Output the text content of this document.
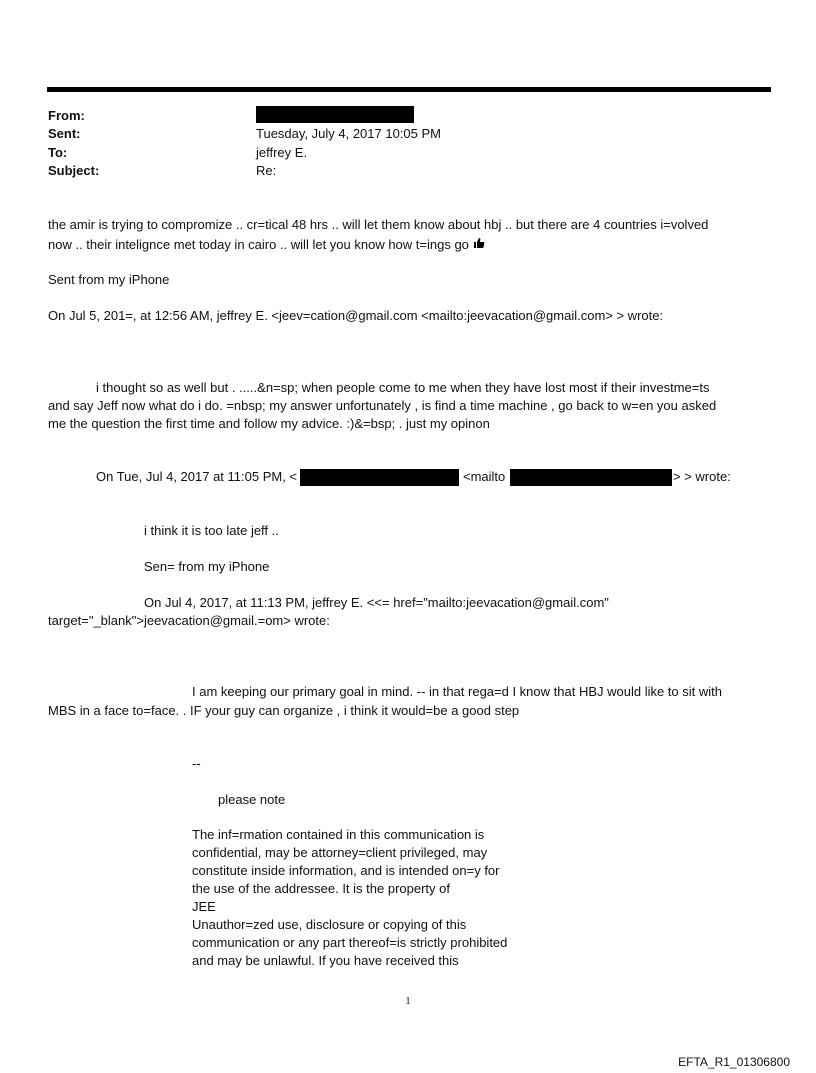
From:
Sent:	Tuesday, July 4, 2017 10:05 PM
To:	jeffrey E.
Subject:	Re:
the amir is trying to compromize .. cr=tical 48 hrs .. will let them know about hbj .. but there are 4 countries i=volved
now .. their intelignce met today in cairo .. will let you know how t=ings go
Sent from my iPhone
On Jul 5, 201=, at 12:56 AM, jeffrey E. <jeev=cation@gmail.com <mailto:jeevacation@gmail.com> > wrote:
i thought so as well but . .....&n=sp; when people come to me when they have lost most if their investme=ts
and say Jeff now what do i do. =nbsp; my answer unfortunately , is find a time machine , go back to w=en you asked
me the question the first time and follow my advice. :)&=bsp; . just my opinon
On Tue, Jul 4, 2017 at 11:05 PM, <	<mailto	> > wrote:
i think it is too late jeff ..
Sen= from my iPhone
On Jul 4, 2017, at 11:13 PM, jeffrey E. <<= href="mailto:jeevacation@gmail.com"
target="_blank">jeevacation@gmail.=om> wrote:
I am keeping our primary goal in mind. -- in that rega=d I know that HBJ would like to sit with
MBS in a face to=face. . IF your guy can organize , i think it would=be a good step
--
please note
The inf=rmation contained in this communication is
confidential, may be attorney=client privileged, may
constitute inside information, and is intended on=y for
the use of the addressee. It is the property of
JEE
Unauthor=zed use, disclosure or copying of this
communication or any part thereof=is strictly prohibited
and may be unlawful. If you have received this
1
EFTA_R1_01306800
